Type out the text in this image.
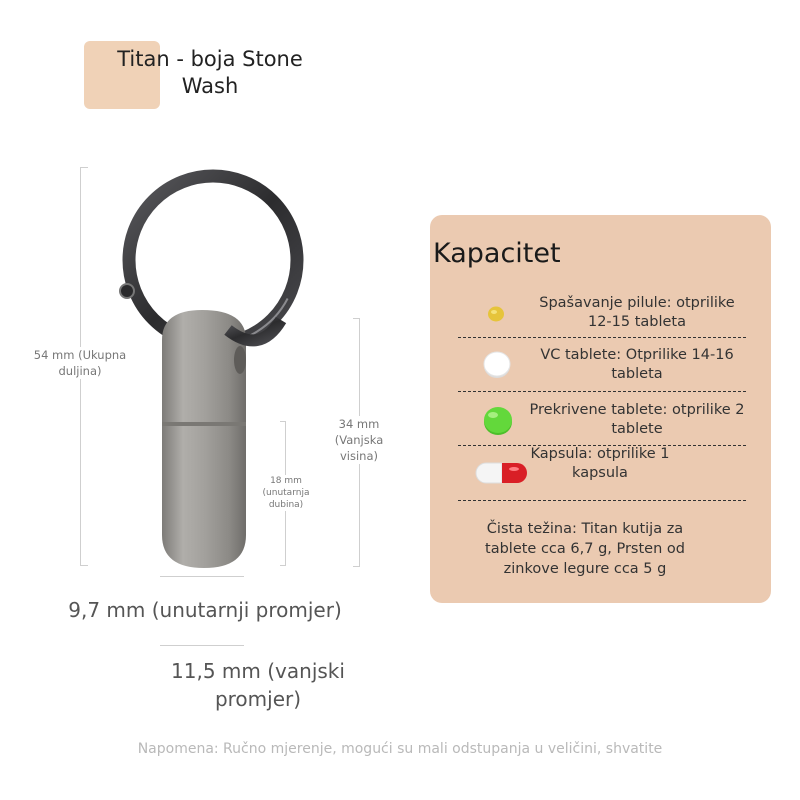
Titan - boja Stone Wash
54 mm (Ukupna duljina)
34 mm (Vanjska visina)
18 mm (unutarnja dubina)
9,7 mm (unutarnji promjer)
11,5 mm (vanjski promjer)
Kapacitet
Spašavanje pilule: otprilike 12-15 tableta
VC tablete: Otprilike 14-16 tableta
Prekrivene tablete: otprilike 2 tablete
Kapsula: otprilike 1 kapsula
Čista težina: Titan kutija za tablete cca 6,7 g, Prsten od zinkove legure cca 5 g
Napomena: Ručno mjerenje, mogući su mali odstupanja u veličini, shvatite
